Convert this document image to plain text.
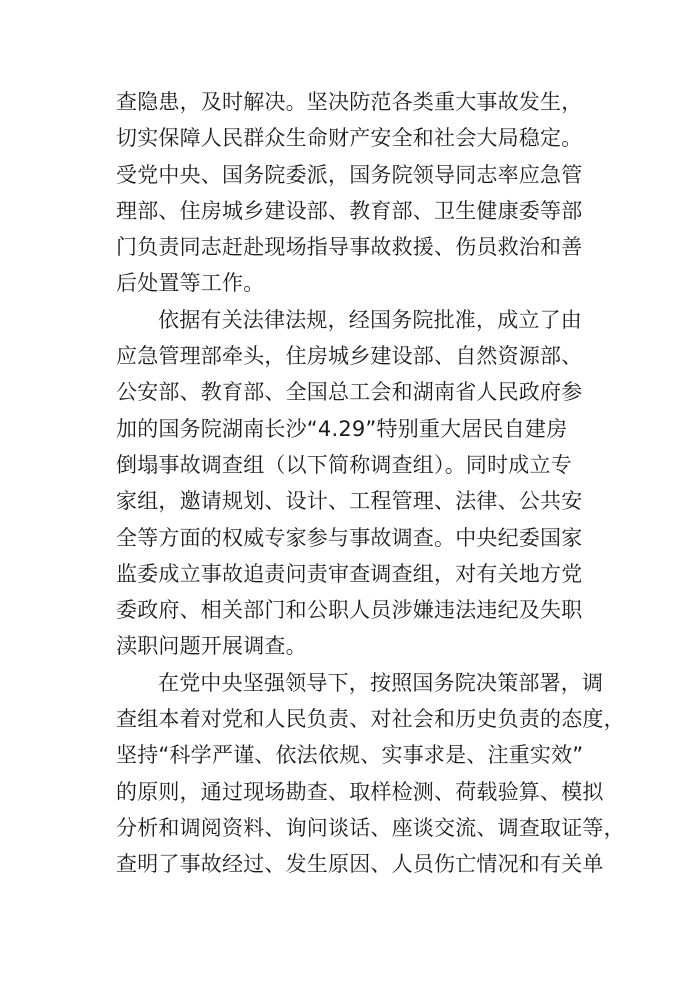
查隐患，及时解决。坚决防范各类重大事故发生，
切实保障人民群众生命财产安全和社会大局稳定。
受党中央、国务院委派，国务院领导同志率应急管
理部、住房城乡建设部、教育部、卫生健康委等部
门负责同志赶赴现场指导事故救援、伤员救治和善
后处置等工作。
依据有关法律法规，经国务院批准，成立了由
应急管理部牵头，住房城乡建设部、自然资源部、
公安部、教育部、全国总工会和湖南省人民政府参
加的国务院湖南长沙“4.29”特别重大居民自建房
倒塌事故调查组（以下简称调查组）。同时成立专
家组，邀请规划、设计、工程管理、法律、公共安
全等方面的权威专家参与事故调查。中央纪委国家
监委成立事故追责问责审查调查组，对有关地方党
委政府、相关部门和公职人员涉嫌违法违纪及失职
渎职问题开展调查。
在党中央坚强领导下，按照国务院决策部署，调
查组本着对党和人民负责、对社会和历史负责的态度，
坚持“科学严谨、依法依规、实事求是、注重实效”
的原则，通过现场勘查、取样检测、荷载验算、模拟
分析和调阅资料、询问谈话、座谈交流、调查取证等，
查明了事故经过、发生原因、人员伤亡情况和有关单
